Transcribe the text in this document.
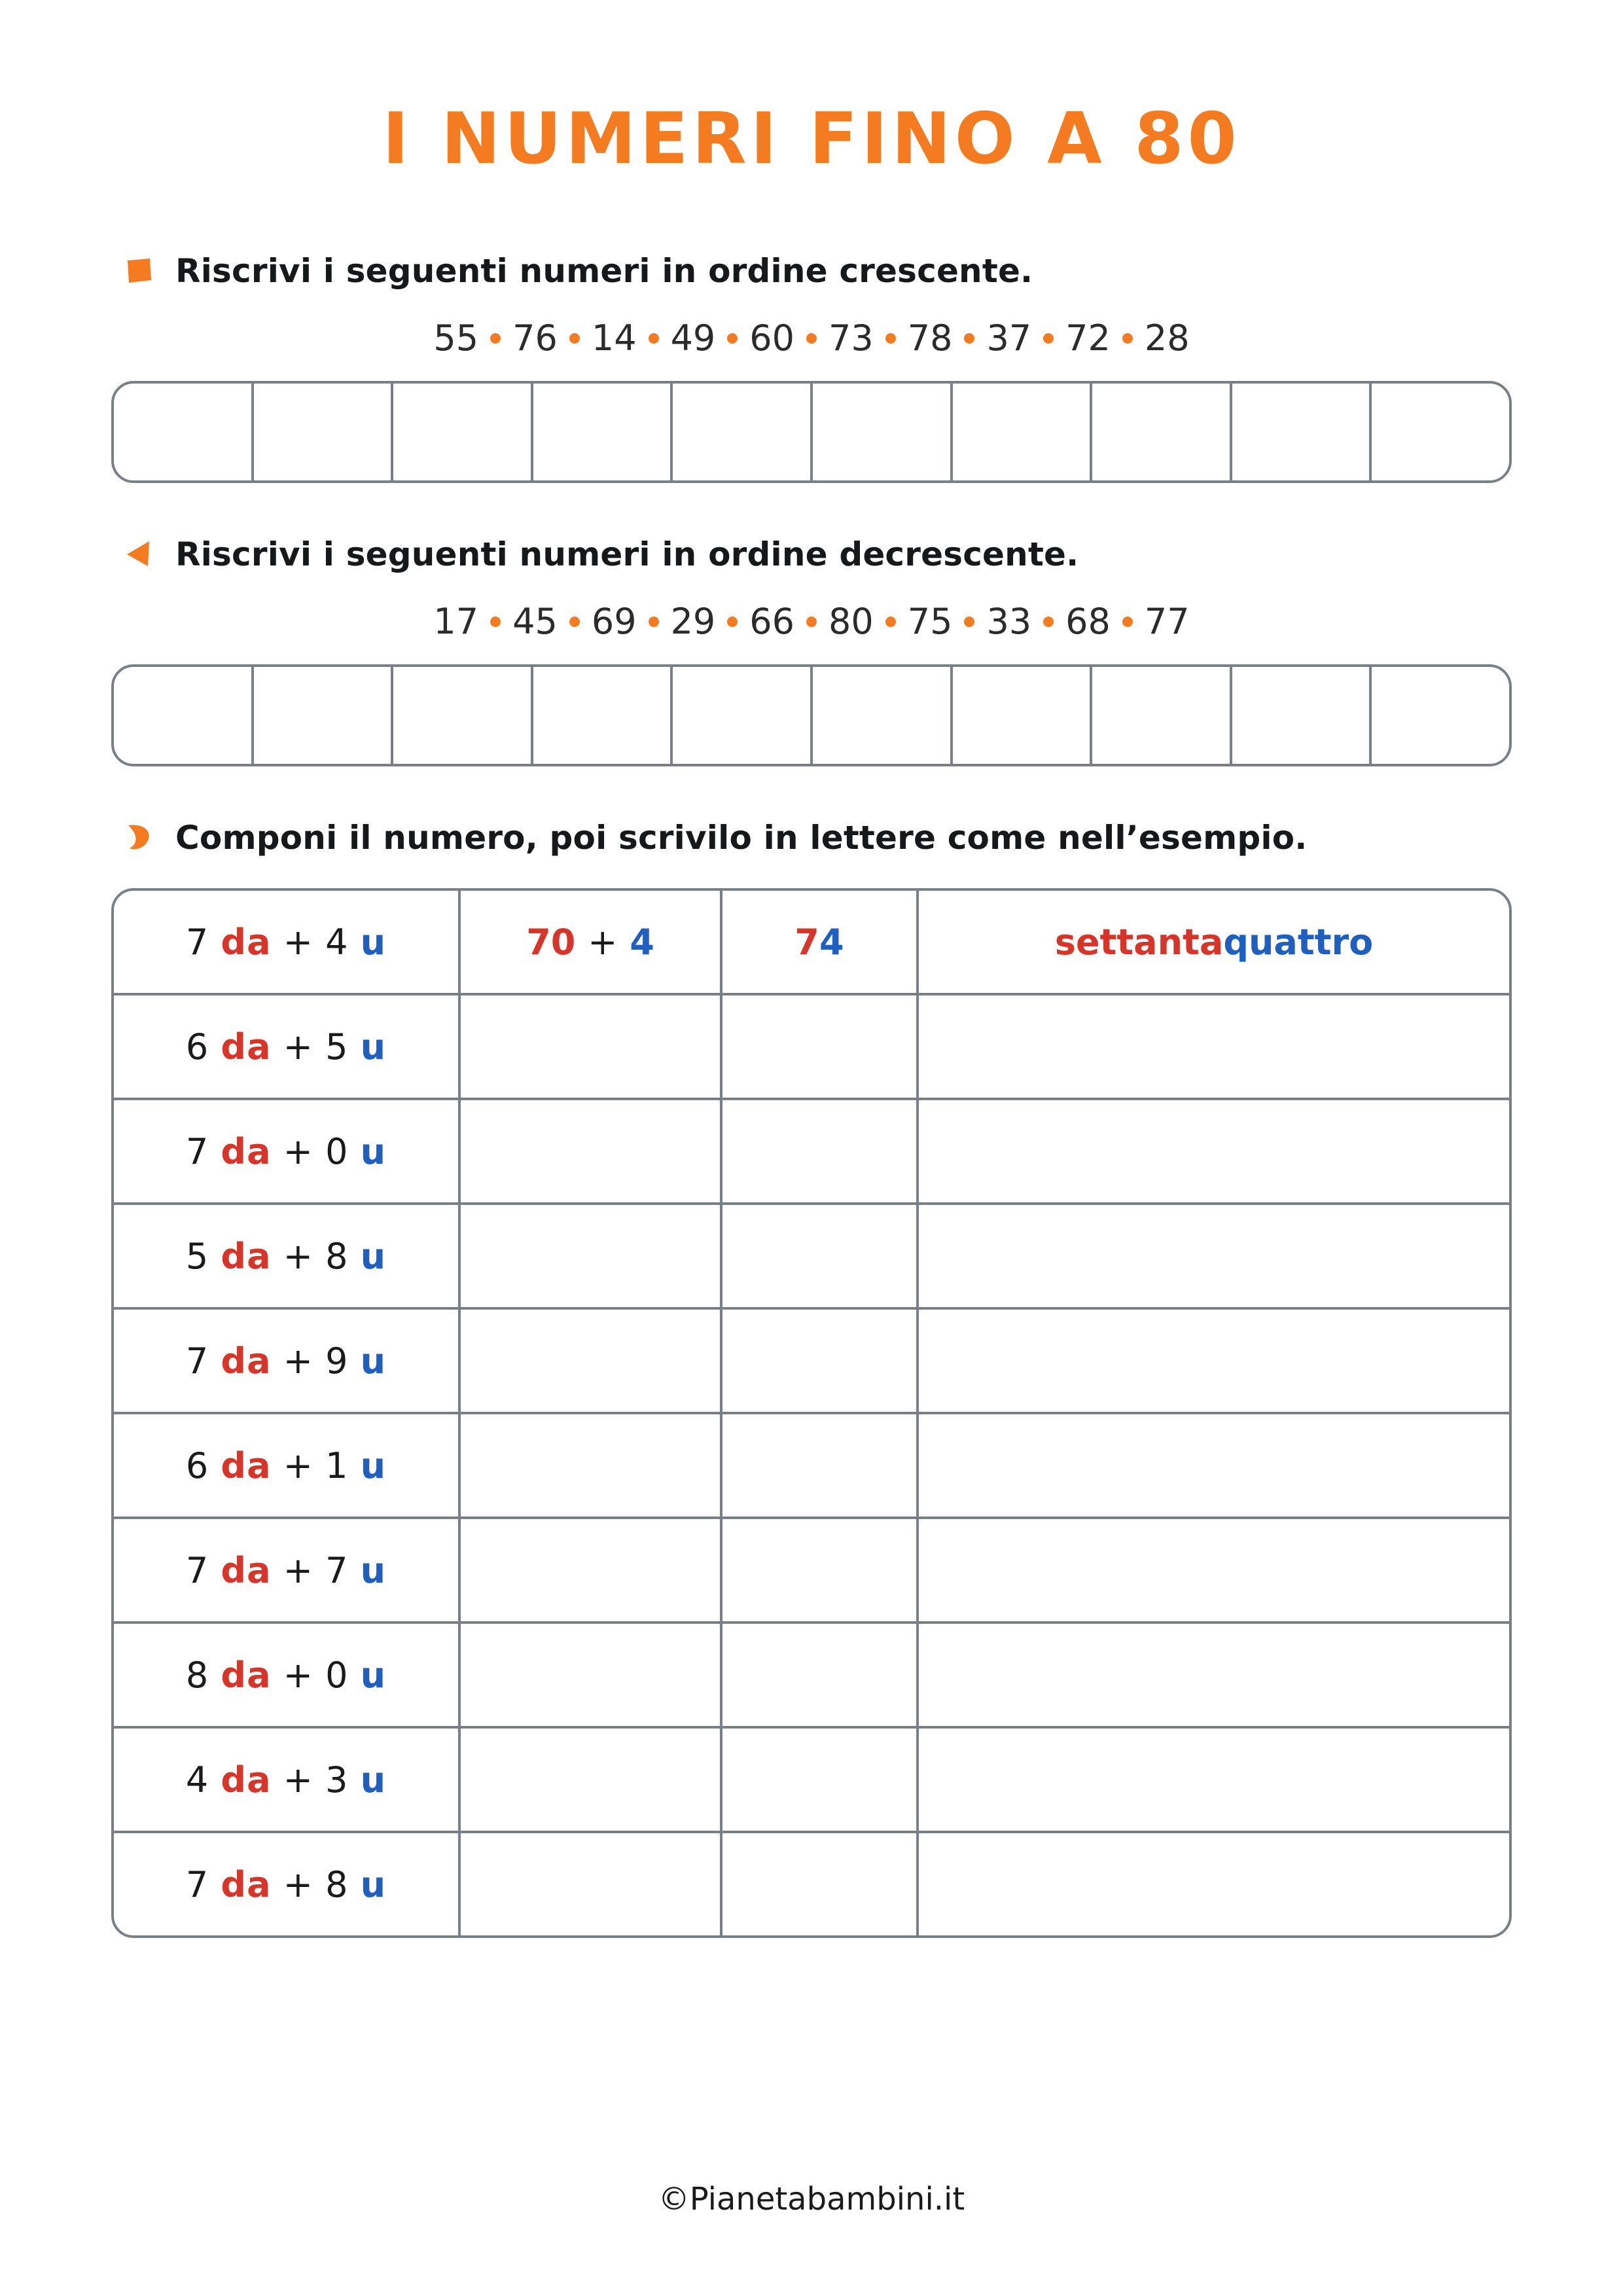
I NUMERI FINO A 80
Riscrivi i seguenti numeri in ordine crescente.
55 76 14 49 60 73 78 37 72 28
Riscrivi i seguenti numeri in ordine decrescente.
17 45 69 29 66 80 75 33 68 77
Componi il numero, poi scrivilo in lettere come nell’esempio.
7 da + 4 u	70 + 4	74	settantaquattro
6 da + 5 u
7 da + 0 u
5 da + 8 u
7 da + 9 u
6 da + 1 u
7 da + 7 u
8 da + 0 u
4 da + 3 u
7 da + 8 u
©Pianetabambini.it
